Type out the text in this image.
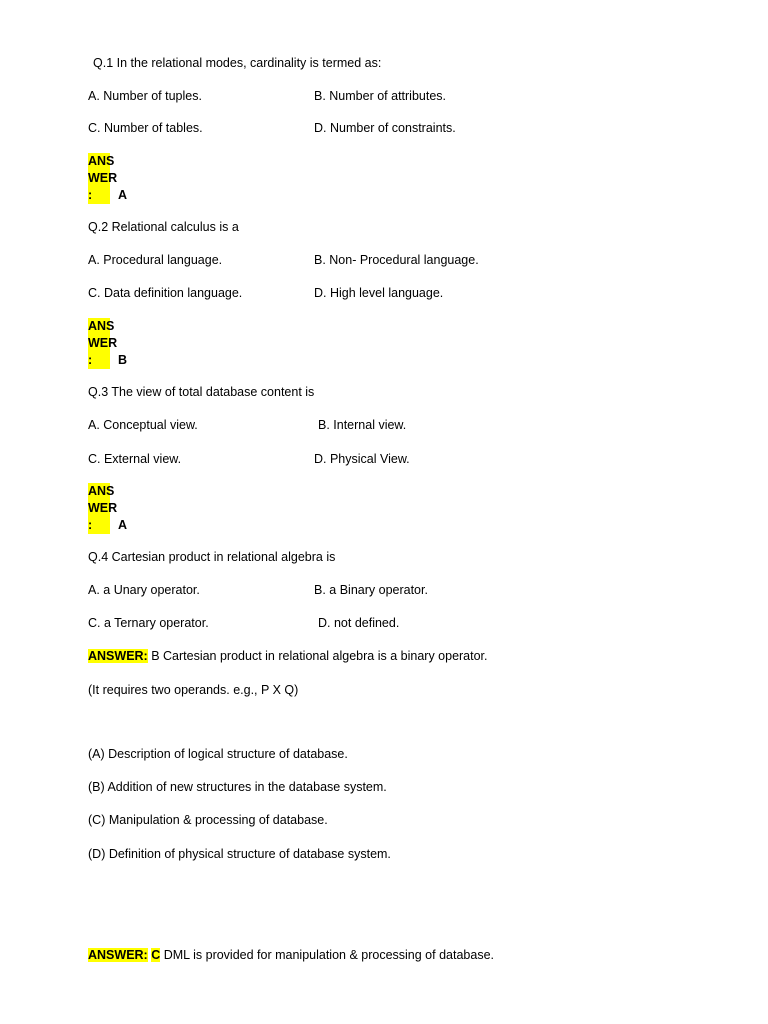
Q.1 In the relational modes, cardinality is termed as:
A. Number of tuples.	B. Number of attributes.
C. Number of tables.	D. Number of constraints.
ANS
WER
:	A
Q.2 Relational calculus is a
A. Procedural language.	B. Non- Procedural language.
C. Data definition language.	D. High level language.
ANS
WER
:	B
Q.3 The view of total database content is
A. Conceptual view.	B. Internal view.
C. External view.	D. Physical View.
ANS
WER
:	A
Q.4 Cartesian product in relational algebra is
A. a Unary operator.	B. a Binary operator.
C. a Ternary operator.	D. not defined.
ANSWER: B Cartesian product in relational algebra is a binary operator.
(It requires two operands. e.g., P X Q)
(A) Description of logical structure of database.
(B) Addition of new structures in the database system.
(C) Manipulation & processing of database.
(D) Definition of physical structure of database system.
ANSWER: C DML is provided for manipulation & processing of database.
